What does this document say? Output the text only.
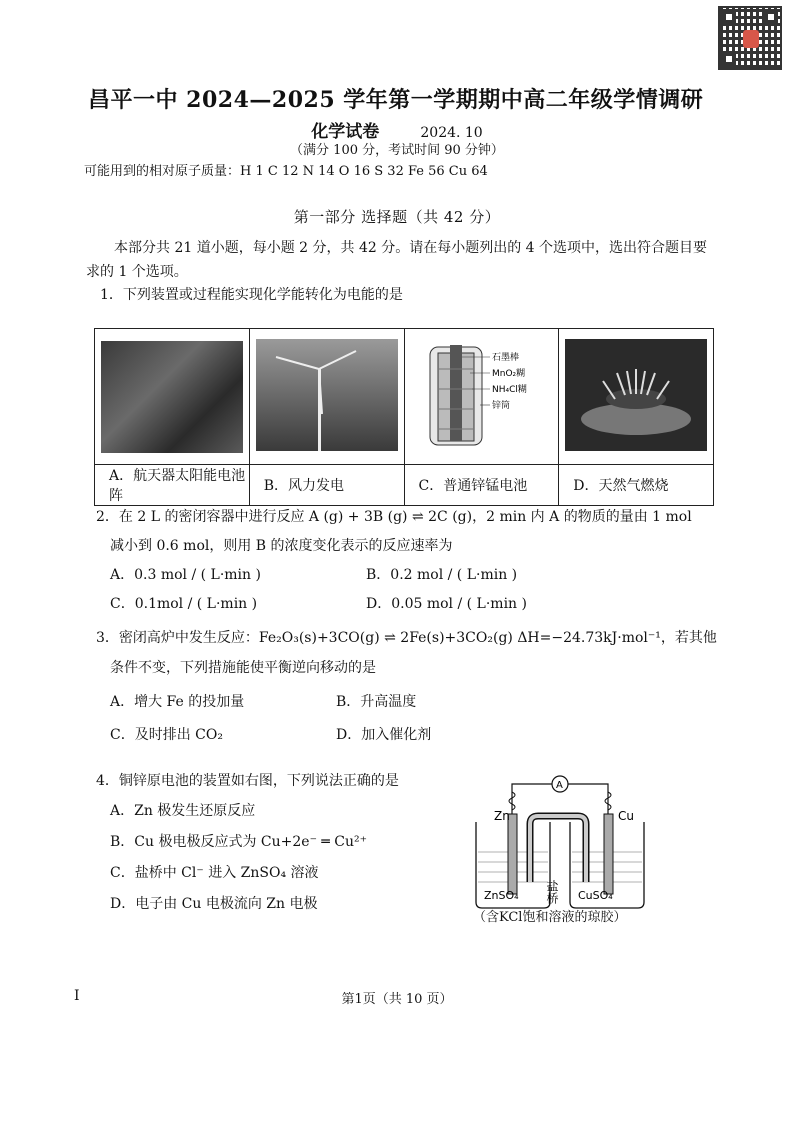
昌平一中 2024—2025 学年第一学期期中高二年级学情调研
化学试卷	2024. 10
（满分 100 分，考试时间 90 分钟）
可能用到的相对原子质量：H 1 C 12 N 14 O 16 S 32 Fe 56 Cu 64
第一部分 选择题（共 42 分）
本部分共 21 道小题，每小题 2 分，共 42 分。请在每小题列出的 4 个选项中，选出符合题目要求的 1 个选项。
1．下列装置或过程能实现化学能转化为电能的是

石墨棒
MnO₂糊
NH₄Cl糊
锌筒

A．航天器太阳能电池阵	B．风力发电	C．普通锌锰电池	D．天然气燃烧
2．在 2 L 的密闭容器中进行反应 A (g) + 3B (g) ⇌ 2C (g)，2 min 内 A 的物质的量由 1 mol
减小到 0.6 mol，则用 B 的浓度变化表示的反应速率为
A．0.3 mol / ( L·min )	B．0.2 mol / ( L·min )
C．0.1mol / ( L·min )	D．0.05 mol / ( L·min )
3．密闭高炉中发生反应：Fe₂O₃(s)+3CO(g) ⇌ 2Fe(s)+3CO₂(g) ΔH=−24.73kJ·mol⁻¹，若其他
条件不变，下列措施能使平衡逆向移动的是
A．增大 Fe 的投加量	B．升高温度
C．及时排出 CO₂	D．加入催化剂
4．铜锌原电池的装置如右图，下列说法正确的是
A．Zn 极发生还原反应
B．Cu 极电极反应式为 Cu+2e⁻ ═ Cu²⁺
C．盐桥中 Cl⁻ 进入 ZnSO₄ 溶液
D．电子由 Cu 电极流向 Zn 电极
A
Zn	Cu
盐桥
ZnSO₄	CuSO₄
（含KCl饱和溶液的琼胶）
I	第1页（共 10 页）
